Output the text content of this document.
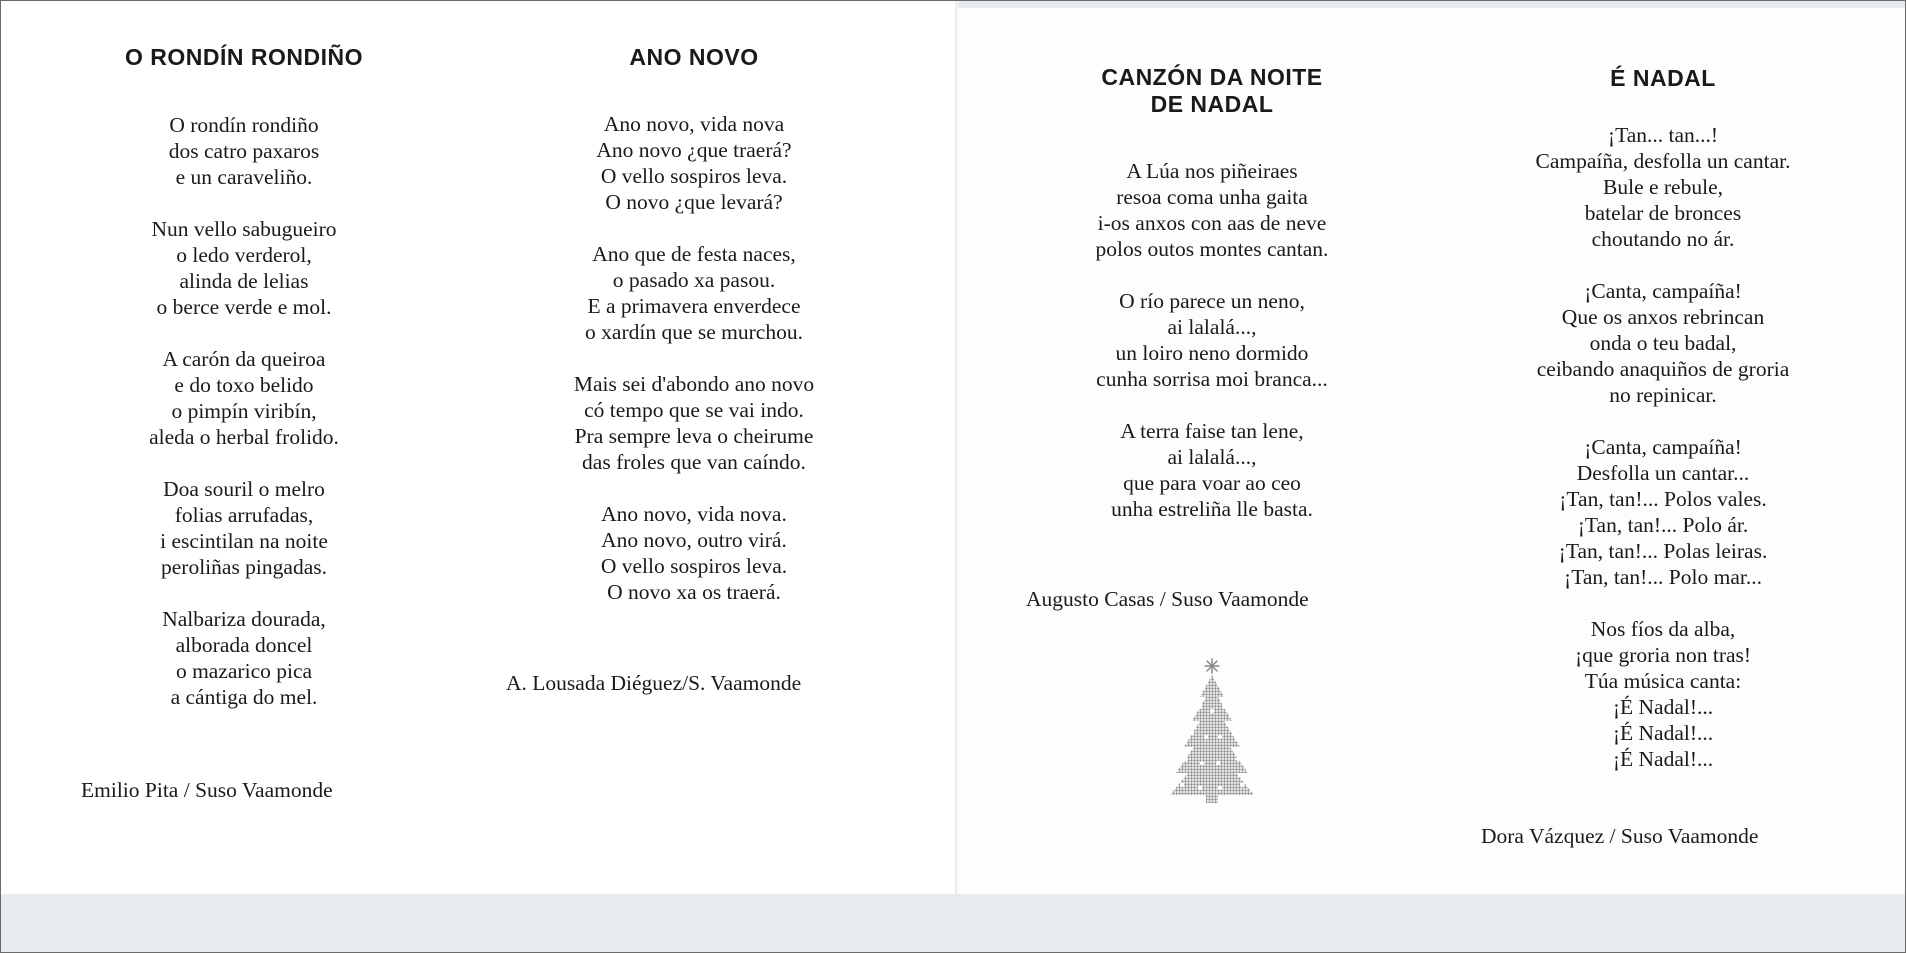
O RONDÍN RONDIÑO
O rondín rondiño
dos catro paxaros
e un caraveliño.
Nun vello sabugueiro
o ledo verderol,
alinda de lelias
o berce verde e mol.
A carón da queiroa
e do toxo belido
o pimpín viribín,
aleda o herbal frolido.
Doa souril o melro
folias arrufadas,
i escintilan na noite
peroliñas pingadas.
Nalbariza dourada,
alborada doncel
o mazarico pica
a cántiga do mel.
Emilio Pita / Suso Vaamonde
ANO NOVO
Ano novo, vida nova
Ano novo ¿que traerá?
O vello sospiros leva.
O novo ¿que levará?
Ano que de festa naces,
o pasado xa pasou.
E a primavera enverdece
o xardín que se murchou.
Mais sei d'abondo ano novo
có tempo que se vai indo.
Pra sempre leva o cheirume
das froles que van caíndo.
Ano novo, vida nova.
Ano novo, outro virá.
O vello sospiros leva.
O novo xa os traerá.
A. Lousada Diéguez/S. Vaamonde
CANZÓN DA NOITE
DE NADAL
A Lúa nos piñeiraes
resoa coma unha gaita
i-os anxos con aas de neve
polos outos montes cantan.
O río parece un neno,
ai lalalá...,
un loiro neno dormido
cunha sorrisa moi branca...
A terra faise tan lene,
ai lalalá...,
que para voar ao ceo
unha estreliña lle basta.
Augusto Casas / Suso Vaamonde
É NADAL
¡Tan... tan...!
Campaíña, desfolla un cantar.
Bule e rebule,
batelar de bronces
choutando no ár.
¡Canta, campaíña!
Que os anxos rebrincan
onda o teu badal,
ceibando anaquiños de groria
no repinicar.
¡Canta, campaíña!
Desfolla un cantar...
¡Tan, tan!... Polos vales.
¡Tan, tan!... Polo ár.
¡Tan, tan!... Polas leiras.
¡Tan, tan!... Polo mar...
Nos fíos da alba,
¡que groria non tras!
Túa música canta:
¡É Nadal!...
¡É Nadal!...
¡É Nadal!...
Dora Vázquez / Suso Vaamonde
